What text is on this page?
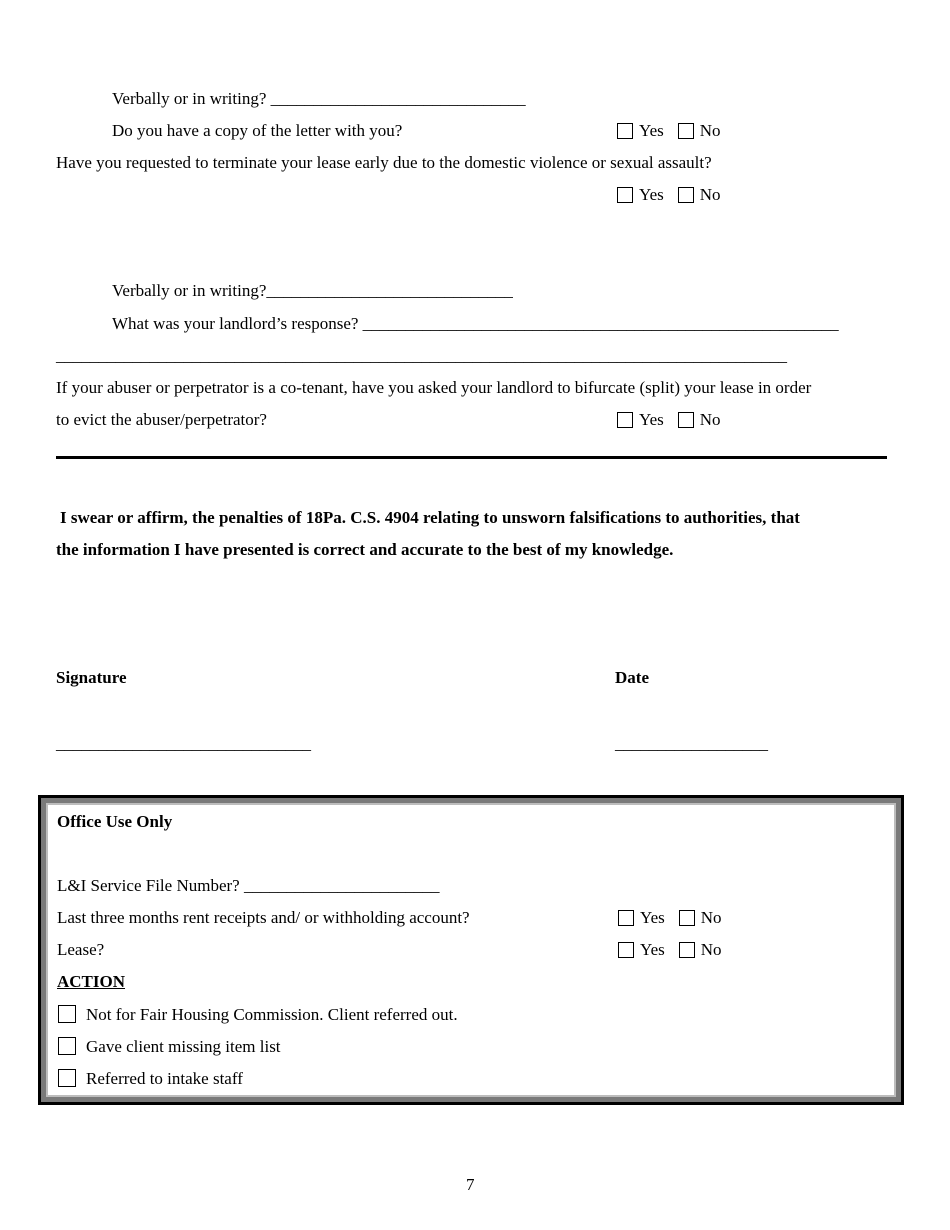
Verbally or in writing? ______________________________
Do you have a copy of the letter with you?	Yes No
Have you requested to terminate your lease early due to the domestic violence or sexual assault?
Yes No
Verbally or in writing?_____________________________
What was your landlord’s response? ________________________________________________________
______________________________________________________________________________________
If your abuser or perpetrator is a co-tenant, have you asked your landlord to bifurcate (split) your lease in order
to evict the abuser/perpetrator?	Yes No
I swear or affirm, the penalties of 18Pa. C.S. 4904 relating to unsworn falsifications to authorities, that
the information I have presented is correct and accurate to the best of my knowledge.
Signature	Date
______________________________	__________________
Office Use Only
L&I Service File Number? _______________________
Last three months rent receipts and/ or withholding account?	Yes No
Lease?	Yes No
ACTION
Not for Fair Housing Commission. Client referred out.
Gave client missing item list
Referred to intake staff
7
